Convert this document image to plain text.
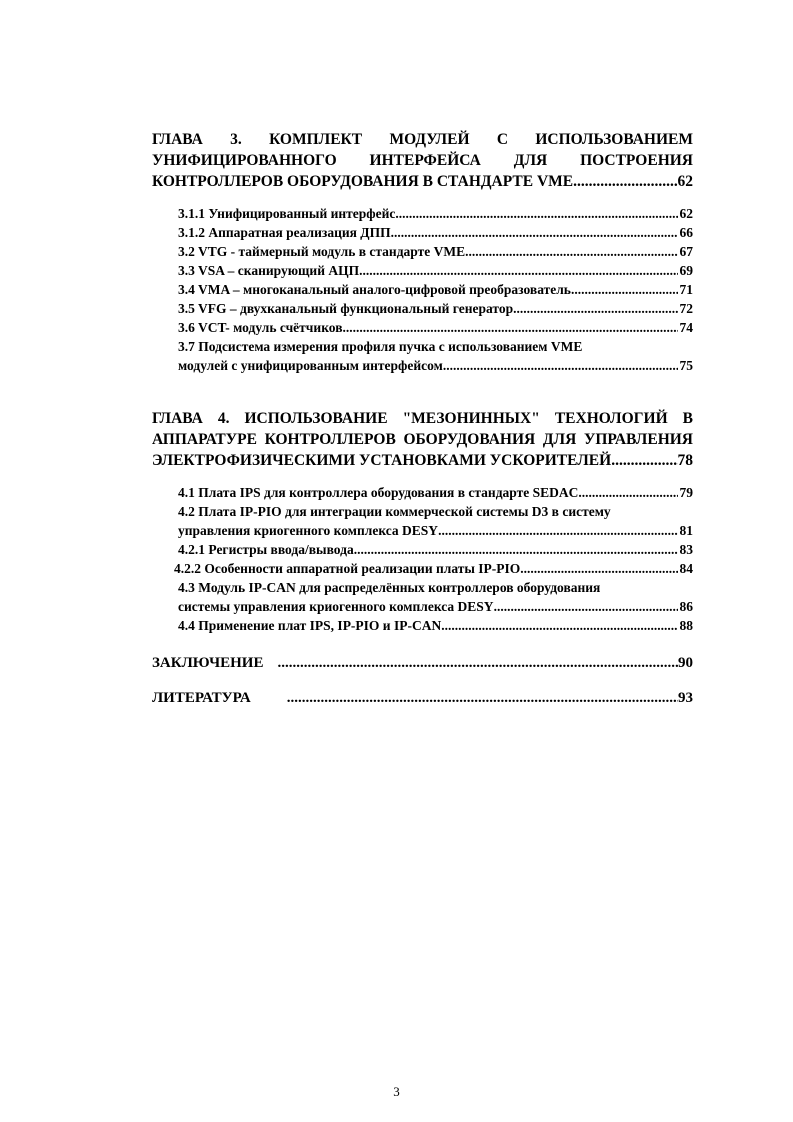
ГЛАВА 3. КОМПЛЕКТ МОДУЛЕЙ С ИСПОЛЬЗОВАНИЕМ
УНИФИЦИРОВАННОГО ИНТЕРФЕЙСА ДЛЯ ПОСТРОЕНИЯ
КОНТРОЛЛЕРОВ ОБОРУДОВАНИЯ В СТАНДАРТЕ VME .....	62
3.1.1 Унифицированный интерфейс .....	62
3.1.2 Аппаратная реализация ДПП .....	66
3.2 VTG - таймерный модуль в стандарте VME .....	67
3.3 VSA – сканирующий АЦП .....	69
3.4 VMA – многоканальный аналого-цифровой преобразователь .....	71
3.5 VFG – двухканальный функциональный генератор .....	72
3.6 VCT- модуль счётчиков .....	74
3.7 Подсистема измерения профиля пучка с использованием VME
модулей с унифицированным интерфейсом .....	75
ГЛАВА 4. ИСПОЛЬЗОВАНИЕ "МЕЗОНИННЫХ" ТЕХНОЛОГИЙ В
АППАРАТУРЕ КОНТРОЛЛЕРОВ ОБОРУДОВАНИЯ ДЛЯ УПРАВЛЕНИЯ
ЭЛЕКТРОФИЗИЧЕСКИМИ УСТАНОВКАМИ УСКОРИТЕЛЕЙ .....	78
4.1 Плата IPS для контроллера оборудования в стандарте SEDAC .....	79
4.2 Плата IP-PIO для интеграции коммерческой системы D3 в систему
управления криогенного комплекса DESY .....	81
4.2.1 Регистры ввода/вывода .....	83
4.2.2 Особенности аппаратной реализации платы IP-PIO .....	84
4.3 Модуль IP-CAN для распределённых контроллеров оборудования
системы управления криогенного комплекса DESY .....	86
4.4 Применение плат IPS, IP-PIO и IP-CAN .....	88
ЗАКЛЮЧЕНИЕ .....	90
ЛИТЕРАТУРА .....	93
3
